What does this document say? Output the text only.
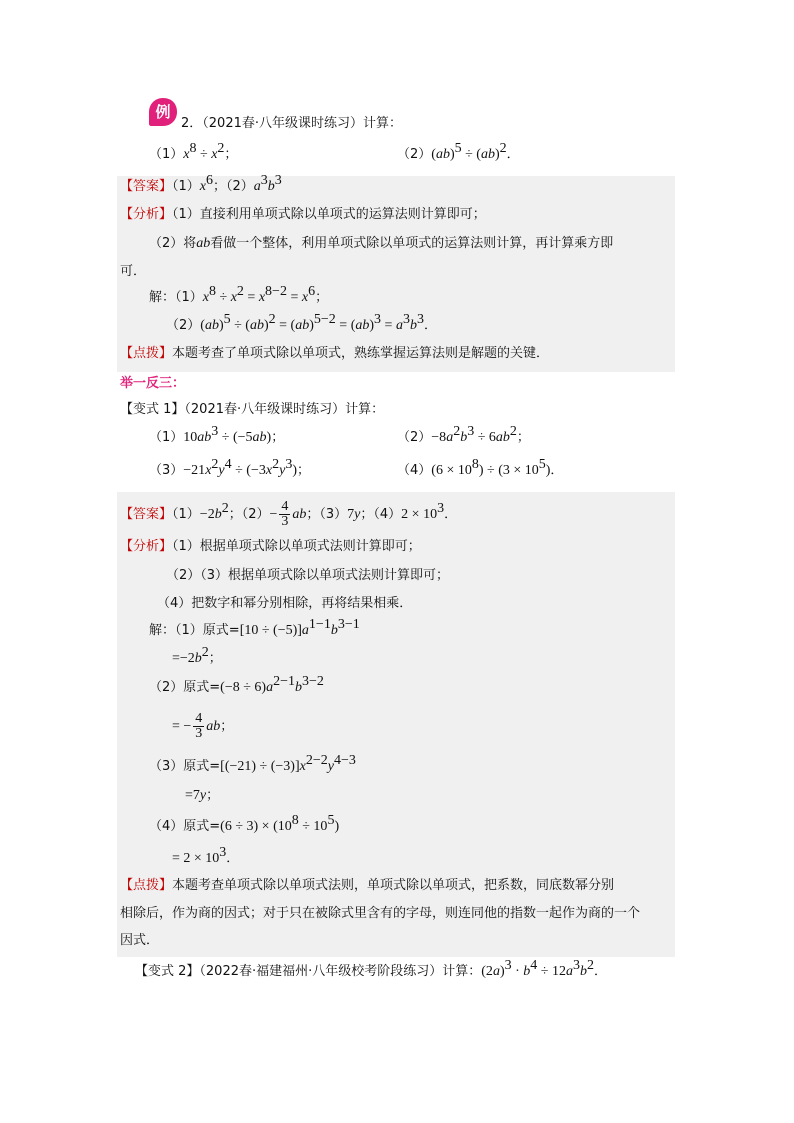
例
2．（2021春·八年级课时练习）计算：
$(1)x^8 \div x^2$；	（2）(ab)$^5$ ÷ (ab)$^2$．
【答案】$(1)x^6$；$(2)a^3b^3$
【分析】（1）直接利用单项式除以单项式的运算法则计算即可；
（2）将ab看做一个整体，利用单项式除以单项式的运算法则计算，再计算乘方即
可．
解：$(1)x^8 \div x^2 = x^{8-2} = x^6$；
$(2)(ab)^5 \div (ab)^2 = (ab)^{5-2} = (ab)^3 = a^3b^3$．
【点拨】本题考查了单项式除以单项式，熟练掌握运算法则是解题的关键．
举一反三：
【变式 1】（2021春·八年级课时练习）计算：
$(1)10ab^3 \div (-5ab)$；	$(2)-8a^2b^3 \div 6ab^2$；
$(3)-21x^2y^4 \div (-3x^2y^3)$；	$(4)(6 \times 10^8) \div (3 \times 10^5)$．
【答案】$(1)-2b^2$；$(2)- \frac{4}{3}$ ab；（3）7y；$(4)2 \times 10^3$．
【分析】（1）根据单项式除以单项式法则计算即可；
（2）（3）根据单项式除以单项式法则计算即可；
（4）把数字和幂分别相除，再将结果相乘．
解：（1）原式$=[10 \div (-5)]a^{1-1}b^{3-1}$
$=-2b^2$；
（2）原式$=(-8 \div 6)a^{2-1}b^{3-2}$
= − $\frac{4}{3}$ ab；
（3）原式$=[(-21) \div (-3)]x^{2-2}y^{4-3}$
=7y；
（4）原式$=(6 \div 3) \times (10^8 \div 10^5)$
= $2 \times 10^3$．
【点拨】本题考查单项式除以单项式法则，单项式除以单项式，把系数，同底数幂分别
相除后，作为商的因式；对于只在被除式里含有的字母，则连同他的指数一起作为商的一个
因式．
【变式 2】（2022春·福建福州·八年级校考阶段练习）计算：$(2a)^3 \cdot b^4 \div 12a^3b^2$．
